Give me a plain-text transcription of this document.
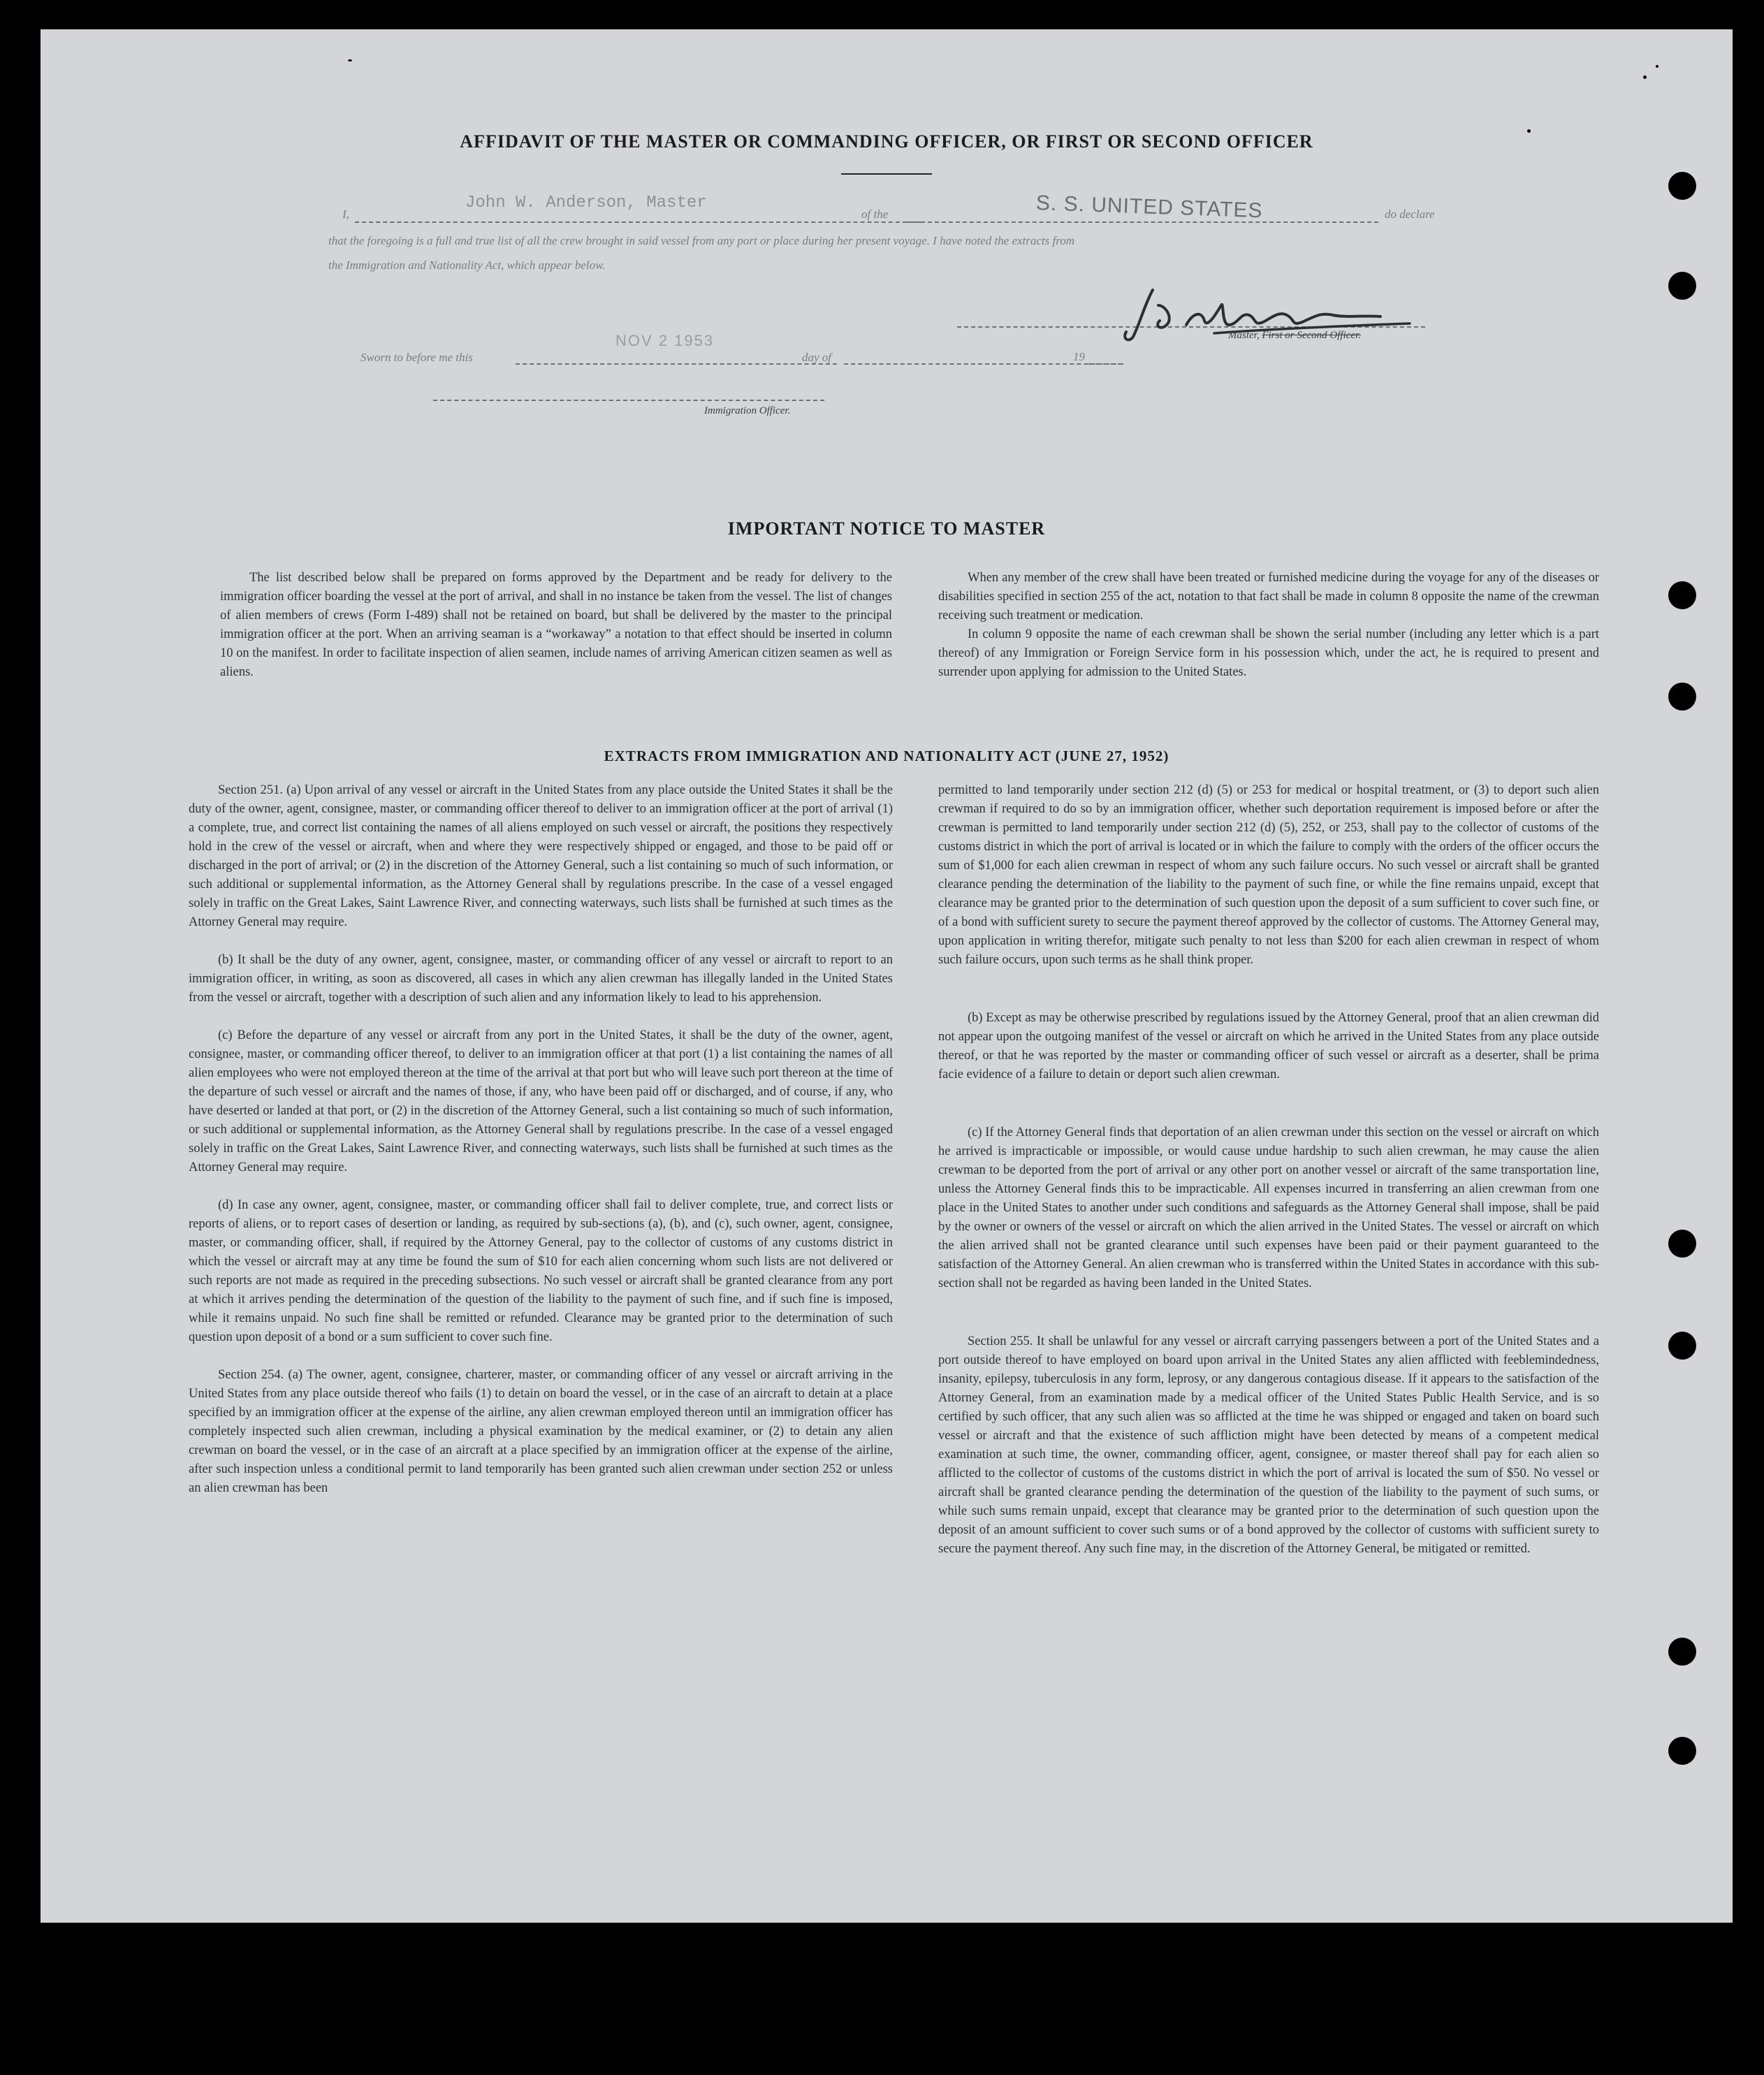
AFFIDAVIT OF THE MASTER OR COMMANDING OFFICER, OR FIRST OR SECOND OFFICER
I,
John W. Anderson, Master
of the	S. S. UNITED STATES	do declare
that the foregoing is a full and true list of all the crew brought in said vessel from any port or place during her present voyage. I have noted the extracts from
the Immigration and Nationality Act, which appear below.
J W Anderson
Master, First or Second Officer.
Sworn to before me this
NOV 2 1953
day of	19
Immigration Officer.
IMPORTANT NOTICE TO MASTER

The list described below shall be prepared on forms approved by the Department and be ready for delivery to the immigration officer boarding the vessel at the port of arrival, and shall in no instance be taken from the vessel. The list of changes of alien members of crews (Form I-489) shall not be retained on board, but shall be delivered by the master to the principal immigration officer at the port. When an arriving seaman is a “workaway” a notation to that effect should be inserted in column 10 on the manifest. In order to facilitate inspection of alien seamen, include names of arriving American citizen seamen as well as aliens.

When any member of the crew shall have been treated or furnished medicine during the voyage for any of the diseases or disabilities specified in section 255 of the act, notation to that fact shall be made in column 8 opposite the name of the crewman receiving such treatment or medication.

In column 9 opposite the name of each crewman shall be shown the serial number (including any letter which is a part thereof) of any Immigration or Foreign Service form in his possession which, under the act, he is required to present and surrender upon applying for admission to the United States.

EXTRACTS FROM IMMIGRATION AND NATIONALITY ACT (JUNE 27, 1952)

Section 251. (a) Upon arrival of any vessel or aircraft in the United States from any place outside the United States it shall be the duty of the owner, agent, consignee, master, or commanding officer thereof to deliver to an immigration officer at the port of arrival (1) a complete, true, and correct list containing the names of all aliens employed on such vessel or aircraft, the positions they respectively hold in the crew of the vessel or aircraft, when and where they were respectively shipped or engaged, and those to be paid off or discharged in the port of arrival; or (2) in the discretion of the Attorney General, such a list containing so much of such information, or such additional or supplemental information, as the Attorney General shall by regulations prescribe. In the case of a vessel engaged solely in traffic on the Great Lakes, Saint Lawrence River, and connecting waterways, such lists shall be furnished at such times as the Attorney General may require.

(b) It shall be the duty of any owner, agent, consignee, master, or commanding officer of any vessel or aircraft to report to an immigration officer, in writing, as soon as discovered, all cases in which any alien crewman has illegally landed in the United States from the vessel or aircraft, together with a description of such alien and any information likely to lead to his apprehension.

(c) Before the departure of any vessel or aircraft from any port in the United States, it shall be the duty of the owner, agent, consignee, master, or commanding officer thereof, to deliver to an immigration officer at that port (1) a list containing the names of all alien employees who were not employed thereon at the time of the arrival at that port but who will leave such port thereon at the time of the departure of such vessel or aircraft and the names of those, if any, who have been paid off or discharged, and of course, if any, who have deserted or landed at that port, or (2) in the discretion of the Attorney General, such a list containing so much of such information, or such additional or supplemental information, as the Attorney General shall by regulations prescribe. In the case of a vessel engaged solely in traffic on the Great Lakes, Saint Lawrence River, and connecting waterways, such lists shall be furnished at such times as the Attorney General may require.

(d) In case any owner, agent, consignee, master, or commanding officer shall fail to deliver complete, true, and correct lists or reports of aliens, or to report cases of desertion or landing, as required by sub-sections (a), (b), and (c), such owner, agent, consignee, master, or commanding officer, shall, if required by the Attorney General, pay to the collector of customs of any customs district in which the vessel or aircraft may at any time be found the sum of $10 for each alien concerning whom such lists are not delivered or such reports are not made as required in the preceding subsections. No such vessel or aircraft shall be granted clearance from any port at which it arrives pending the determination of the question of the liability to the payment of such fine, and if such fine is imposed, while it remains unpaid. No such fine shall be remitted or refunded. Clearance may be granted prior to the determination of such question upon deposit of a bond or a sum sufficient to cover such fine.

Section 254. (a) The owner, agent, consignee, charterer, master, or commanding officer of any vessel or aircraft arriving in the United States from any place outside thereof who fails (1) to detain on board the vessel, or in the case of an aircraft to detain at a place specified by an immigration officer at the expense of the airline, any alien crewman employed thereon until an immigration officer has completely inspected such alien crewman, including a physical examination by the medical examiner, or (2) to detain any alien crewman on board the vessel, or in the case of an aircraft at a place specified by an immigration officer at the expense of the airline, after such inspection unless a conditional permit to land temporarily has been granted such alien crewman under section 252 or unless an alien crewman has been

permitted to land temporarily under section 212 (d) (5) or 253 for medical or hospital treatment, or (3) to deport such alien crewman if required to do so by an immigration officer, whether such deportation requirement is imposed before or after the crewman is permitted to land temporarily under section 212 (d) (5), 252, or 253, shall pay to the collector of customs of the customs district in which the port of arrival is located or in which the failure to comply with the orders of the officer occurs the sum of $1,000 for each alien crewman in respect of whom any such failure occurs. No such vessel or aircraft shall be granted clearance pending the determination of the liability to the payment of such fine, or while the fine remains unpaid, except that clearance may be granted prior to the determination of such question upon the deposit of a sum sufficient to cover such fine, or of a bond with sufficient surety to secure the payment thereof approved by the collector of customs. The Attorney General may, upon application in writing therefor, mitigate such penalty to not less than $200 for each alien crewman in respect of whom such failure occurs, upon such terms as he shall think proper.

(b) Except as may be otherwise prescribed by regulations issued by the Attorney General, proof that an alien crewman did not appear upon the outgoing manifest of the vessel or aircraft on which he arrived in the United States from any place outside thereof, or that he was reported by the master or commanding officer of such vessel or aircraft as a deserter, shall be prima facie evidence of a failure to detain or deport such alien crewman.

(c) If the Attorney General finds that deportation of an alien crewman under this section on the vessel or aircraft on which he arrived is impracticable or impossible, or would cause undue hardship to such alien crewman, he may cause the alien crewman to be deported from the port of arrival or any other port on another vessel or aircraft of the same transportation line, unless the Attorney General finds this to be impracticable. All expenses incurred in transferring an alien crewman from one place in the United States to another under such conditions and safeguards as the Attorney General shall impose, shall be paid by the owner or owners of the vessel or aircraft on which the alien arrived in the United States. The vessel or aircraft on which the alien arrived shall not be granted clearance until such expenses have been paid or their payment guaranteed to the satisfaction of the Attorney General. An alien crewman who is transferred within the United States in accordance with this sub-section shall not be regarded as having been landed in the United States.

Section 255. It shall be unlawful for any vessel or aircraft carrying passengers between a port of the United States and a port outside thereof to have employed on board upon arrival in the United States any alien afflicted with feeblemindedness, insanity, epilepsy, tuberculosis in any form, leprosy, or any dangerous contagious disease. If it appears to the satisfaction of the Attorney General, from an examination made by a medical officer of the United States Public Health Service, and is so certified by such officer, that any such alien was so afflicted at the time he was shipped or engaged and taken on board such vessel or aircraft and that the existence of such affliction might have been detected by means of a competent medical examination at such time, the owner, commanding officer, agent, consignee, or master thereof shall pay for each alien so afflicted to the collector of customs of the customs district in which the port of arrival is located the sum of $50. No vessel or aircraft shall be granted clearance pending the determination of the question of the liability to the payment of such sums, or while such sums remain unpaid, except that clearance may be granted prior to the determination of such question upon the deposit of an amount sufficient to cover such sums or of a bond approved by the collector of customs with sufficient surety to secure the payment thereof. Any such fine may, in the discretion of the Attorney General, be mitigated or remitted.
